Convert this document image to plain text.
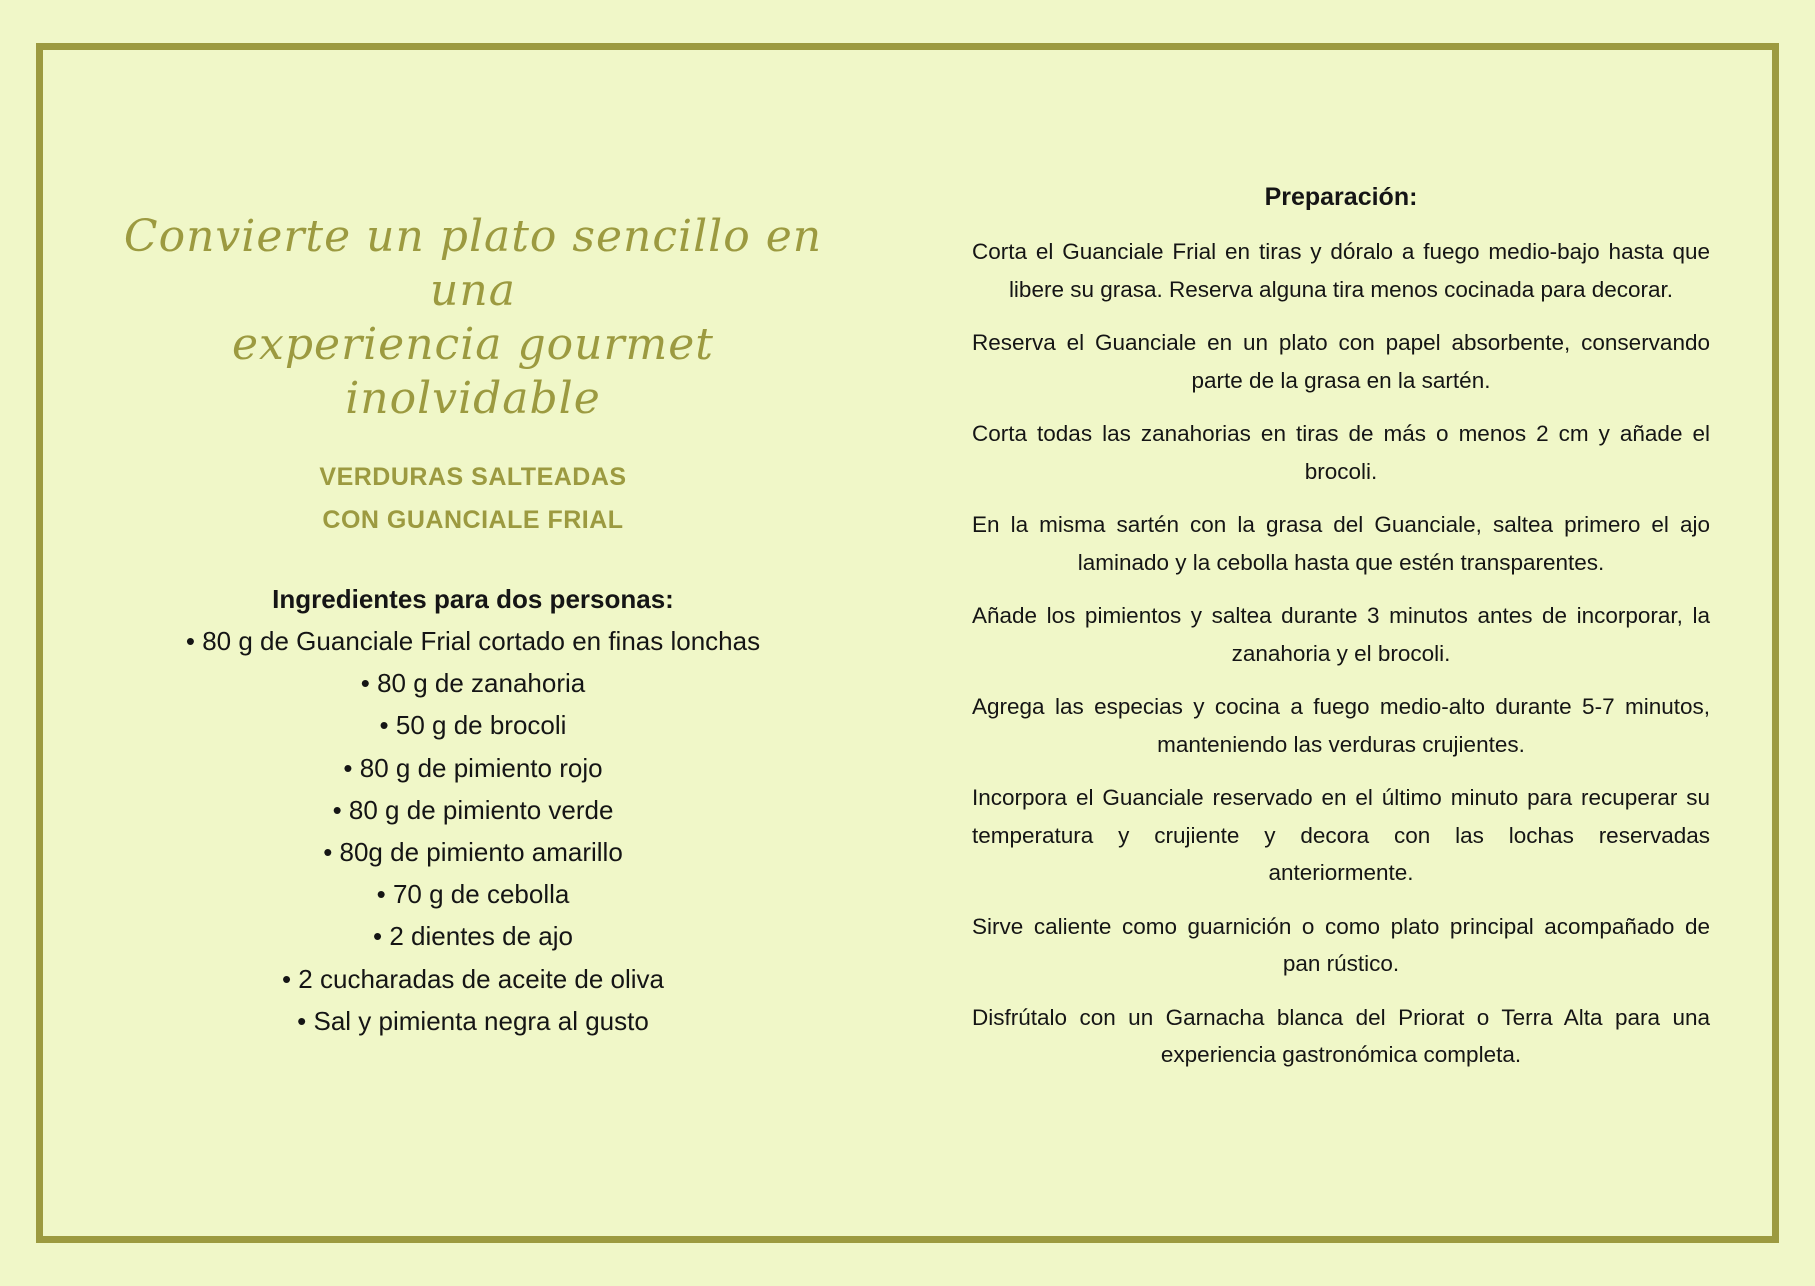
Convierte un plato sencillo en una
experiencia gourmet inolvidable
VERDURAS SALTEADAS
CON GUANCIALE FRIAL
Ingredientes para dos personas:
• 80 g de Guanciale Frial cortado en finas lonchas
• 80 g de zanahoria
• 50 g de brocoli
• 80 g de pimiento rojo
• 80 g de pimiento verde
• 80g de pimiento amarillo
• 70 g de cebolla
• 2 dientes de ajo
• 2 cucharadas de aceite de oliva
• Sal y pimienta negra al gusto
Preparación:

Corta el Guanciale Frial en tiras y dóralo a fuego medio-bajo hasta que libere su grasa. Reserva alguna tira menos cocinada para decorar.

Reserva el Guanciale en un plato con papel absorbente, conservando parte de la grasa en la sartén.

Corta todas las zanahorias en tiras de más o menos 2 cm y añade el brocoli.

En la misma sartén con la grasa del Guanciale, saltea primero el ajo laminado y la cebolla hasta que estén transparentes.

Añade los pimientos y saltea durante 3 minutos antes de incorporar, la zanahoria y el brocoli.

Agrega las especias y cocina a fuego medio-alto durante 5-7 minutos, manteniendo las verduras crujientes.

Incorpora el Guanciale reservado en el último minuto para recuperar su temperatura y crujiente y decora con las lochas reservadas anteriormente.

Sirve caliente como guarnición o como plato principal acompañado de pan rústico.

Disfrútalo con un Garnacha blanca del Priorat o Terra Alta para una experiencia gastronómica completa.
